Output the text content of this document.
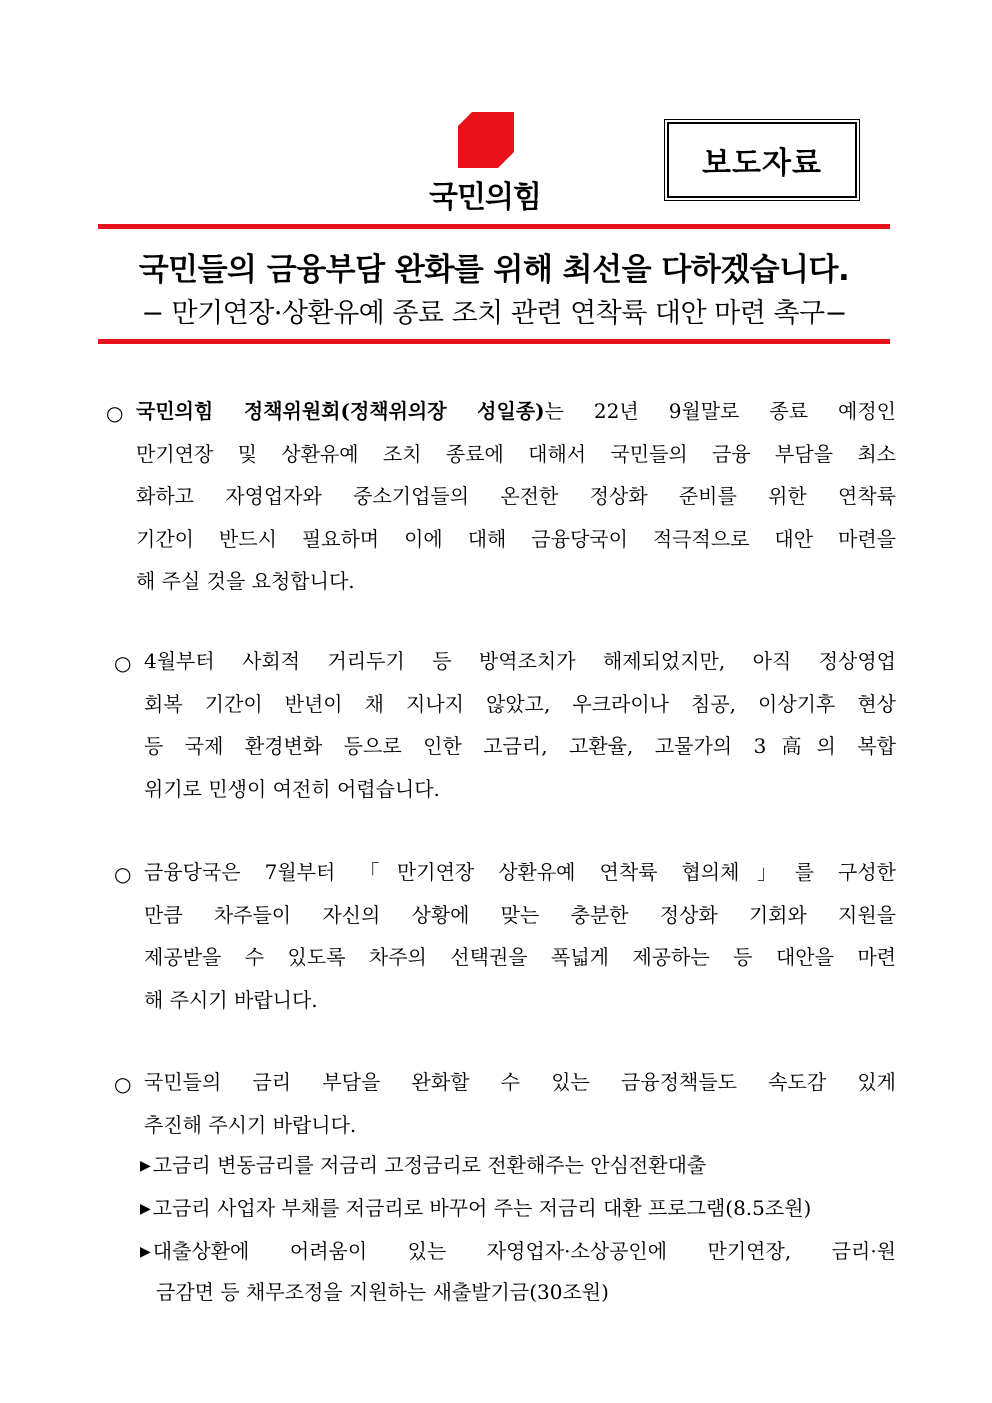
국민의힘
보도자료
국민들의 금융부담 완화를 위해 최선을 다하겠습니다.
− 만기연장·상환유예 종료 조치 관련 연착륙 대안 마련 촉구−
○ 국민의힘 정책위원회(정책위의장 성일종)는 22년 9월말로 종료 예정인
만기연장 및 상환유예 조치 종료에 대해서 국민들의 금융 부담을 최소
화하고 자영업자와 중소기업들의 온전한 정상화 준비를 위한 연착륙
기간이 반드시 필요하며 이에 대해 금융당국이 적극적으로 대안 마련을
해 주실 것을 요청합니다.
○ 4월부터 사회적 거리두기 등 방역조치가 해제되었지만, 아직 정상영업
회복 기간이 반년이 채 지나지 않았고, 우크라이나 침공, 이상기후 현상
등 국제 환경변화 등으로 인한 고금리, 고환율, 고물가의 3高의 복합
위기로 민생이 여전히 어렵습니다.
○ 금융당국은 7월부터 「만기연장 상환유예 연착륙 협의체」를 구성한
만큼 차주들이 자신의 상황에 맞는 충분한 정상화 기회와 지원을
제공받을 수 있도록 차주의 선택권을 폭넓게 제공하는 등 대안을 마련
해 주시기 바랍니다.
○ 국민들의 금리 부담을 완화할 수 있는 금융정책들도 속도감 있게
추진해 주시기 바랍니다.
▶ 고금리 변동금리를 저금리 고정금리로 전환해주는 안심전환대출
▶ 고금리 사업자 부채를 저금리로 바꾸어 주는 저금리 대환 프로그램(8.5조원)
▶ 대출상환에 어려움이 있는 자영업자·소상공인에 만기연장, 금리·원
금감면 등 채무조정을 지원하는 새출발기금(30조원)
